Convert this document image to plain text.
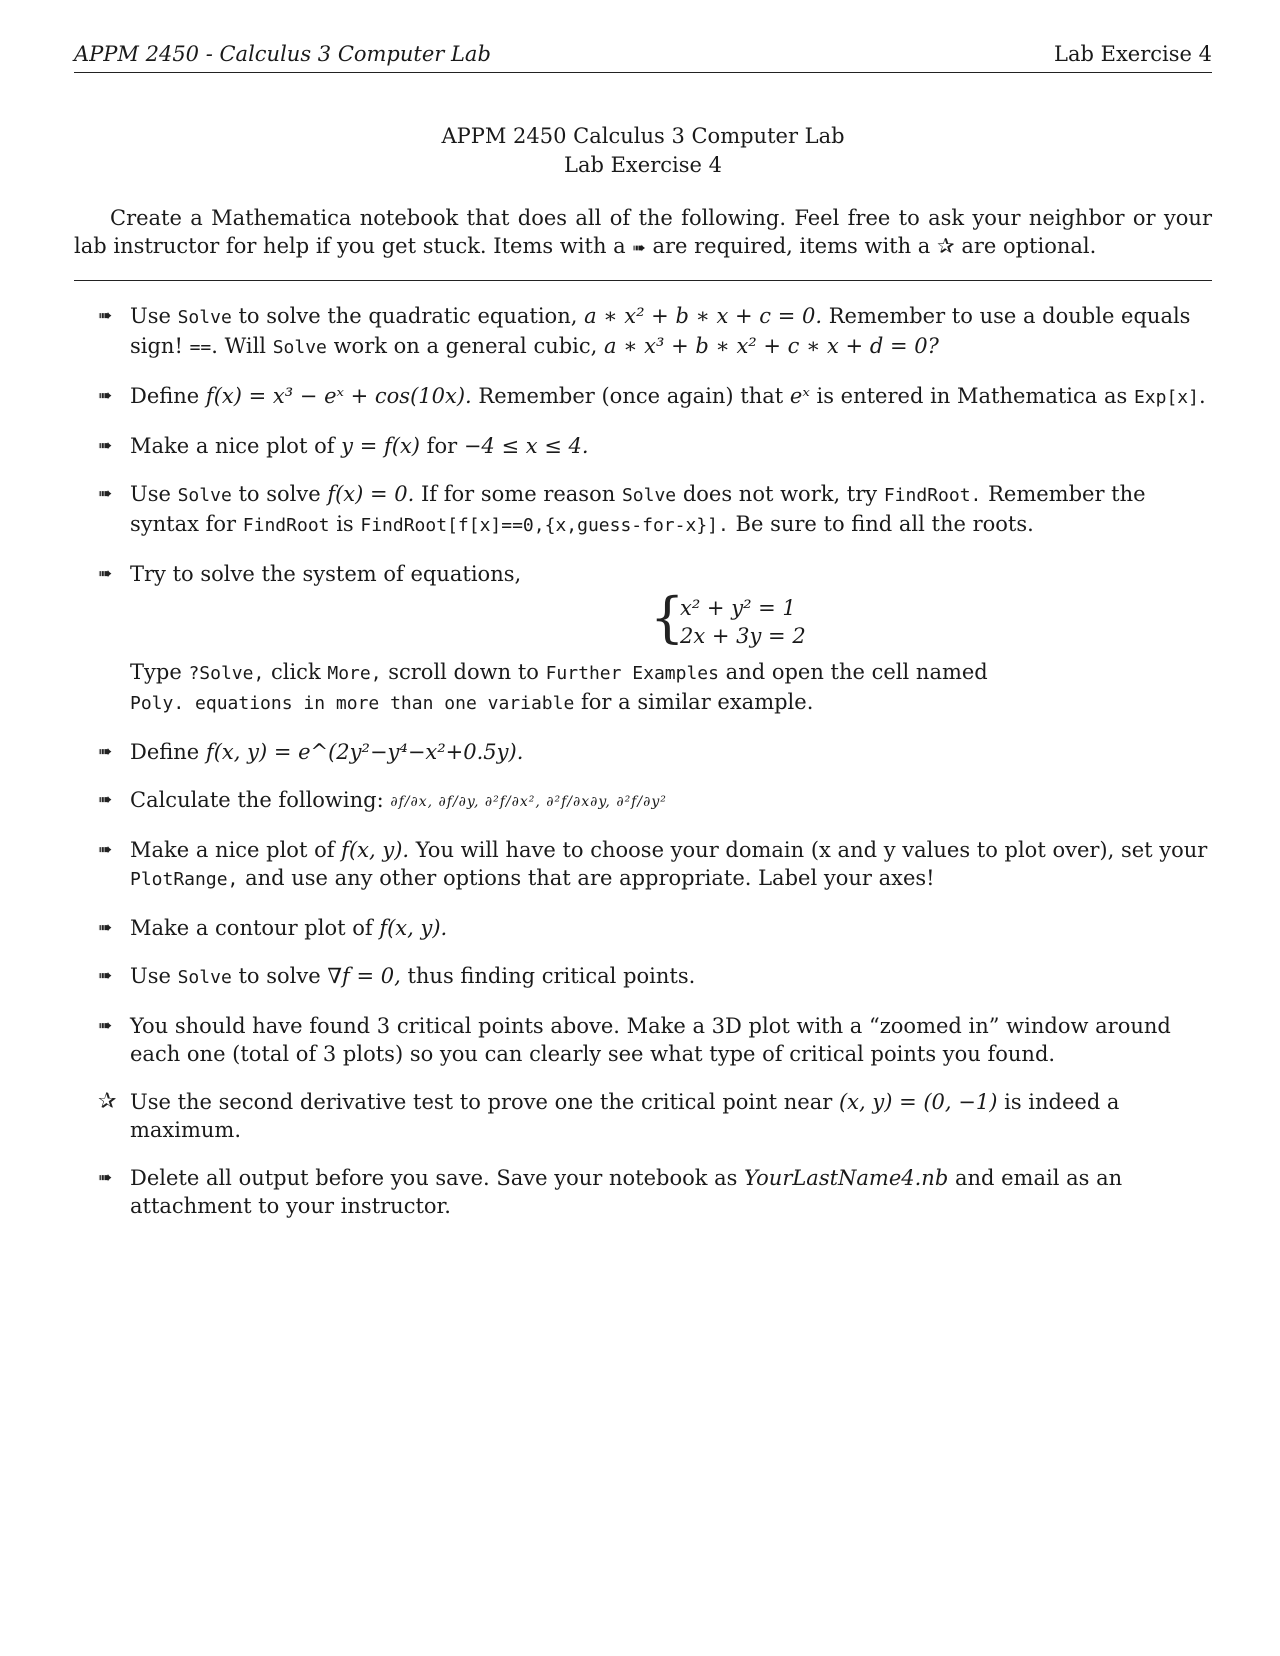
APPM 2450 - Calculus 3 Computer Lab	Lab Exercise 4
APPM 2450 Calculus 3 Computer Lab
Lab Exercise 4
Create a Mathematica notebook that does all of the following. Feel free to ask your neighbor or your lab instructor for help if you get stuck. Items with a ➠ are required, items with a ✰ are optional.
➠ Use Solve to solve the quadratic equation, a ∗ x² + b ∗ x + c = 0. Remember to use a double equals sign! ==. Will Solve work on a general cubic, a ∗ x³ + b ∗ x² + c ∗ x + d = 0?
➠ Define f(x) = x³ − eˣ + cos(10x). Remember (once again) that eˣ is entered in Mathematica as Exp[x].
➠ Make a nice plot of y = f(x) for −4 ≤ x ≤ 4.
➠ Use Solve to solve f(x) = 0. If for some reason Solve does not work, try FindRoot. Remember the syntax for FindRoot is FindRoot[f[x]==0,{x,guess-for-x}]. Be sure to find all the roots.
➠ Try to solve the system of equations,
{
x² + y² = 1
2x + 3y = 2
Type ?Solve, click More, scroll down to Further Examples and open the cell named
Poly. equations in more than one variable for a similar example.
➠ Define f(x, y) = e^(2y²−y⁴−x²+0.5y).
➠ Calculate the following: ∂f/∂x, ∂f/∂y, ∂²f/∂x², ∂²f/∂x∂y, ∂²f/∂y²
➠ Make a nice plot of f(x, y). You will have to choose your domain (x and y values to plot over), set your PlotRange, and use any other options that are appropriate. Label your axes!
➠ Make a contour plot of f(x, y).
➠ Use Solve to solve ∇f = 0, thus finding critical points.
➠ You should have found 3 critical points above. Make a 3D plot with a “zoomed in” window around each one (total of 3 plots) so you can clearly see what type of critical points you found.
✰ Use the second derivative test to prove one the critical point near (x, y) = (0, −1) is indeed a maximum.
➠ Delete all output before you save. Save your notebook as YourLastName4.nb and email as an attachment to your instructor.
